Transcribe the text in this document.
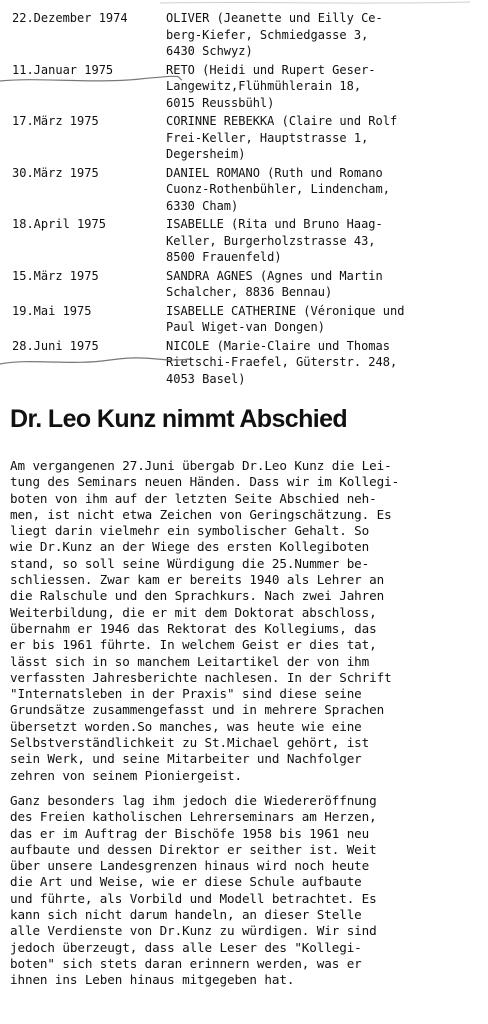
22.Dezember 1974	OLIVER (Jeanette und Eilly Ce-
berg-Kiefer, Schmiedgasse 3,
6430 Schwyz)
11.Januar 1975	RETO (Heidi und Rupert Geser-
Langewitz,Flühmühlerain 18,
6015 Reussbühl)
17.März 1975	CORINNE REBEKKA (Claire und Rolf
Frei-Keller, Hauptstrasse 1,
Degersheim)
30.März 1975	DANIEL ROMANO (Ruth und Romano
Cuonz-Rothenbühler, Lindencham,
6330 Cham)
18.April 1975	ISABELLE (Rita und Bruno Haag-
Keller, Burgerholzstrasse 43,
8500 Frauenfeld)
15.März 1975	SANDRA AGNES (Agnes und Martin
Schalcher, 8836 Bennau)
19.Mai 1975	ISABELLE CATHERINE (Véronique und
Paul Wiget-van Dongen)
28.Juni 1975	NICOLE (Marie-Claire und Thomas
Rietschi-Fraefel, Güterstr. 248,
4053 Basel)
Dr. Leo Kunz nimmt Abschied

Am vergangenen 27.Juni übergab Dr.Leo Kunz die Lei-
tung des Seminars neuen Händen. Dass wir im Kollegi-
boten von ihm auf der letzten Seite Abschied neh-
men, ist nicht etwa Zeichen von Geringschätzung. Es
liegt darin vielmehr ein symbolischer Gehalt. So
wie Dr.Kunz an der Wiege des ersten Kollegiboten
stand, so soll seine Würdigung die 25.Nummer be-
schliessen. Zwar kam er bereits 1940 als Lehrer an
die Ralschule und den Sprachkurs. Nach zwei Jahren
Weiterbildung, die er mit dem Doktorat abschloss,
übernahm er 1946 das Rektorat des Kollegiums, das
er bis 1961 führte. In welchem Geist er dies tat,
lässt sich in so manchem Leitartikel der von ihm
verfassten Jahresberichte nachlesen. In der Schrift
"Internatsleben in der Praxis" sind diese seine
Grundsätze zusammengefasst und in mehrere Sprachen
übersetzt worden.So manches, was heute wie eine
Selbstverständlichkeit zu St.Michael gehört, ist
sein Werk, und seine Mitarbeiter und Nachfolger
zehren von seinem Pioniergeist.

Ganz besonders lag ihm jedoch die Wiedereröffnung
des Freien katholischen Lehrerseminars am Herzen,
das er im Auftrag der Bischöfe 1958 bis 1961 neu
aufbaute und dessen Direktor er seither ist. Weit
über unsere Landesgrenzen hinaus wird noch heute
die Art und Weise, wie er diese Schule aufbaute
und führte, als Vorbild und Modell betrachtet. Es
kann sich nicht darum handeln, an dieser Stelle
alle Verdienste von Dr.Kunz zu würdigen. Wir sind
jedoch überzeugt, dass alle Leser des "Kollegi-
boten" sich stets daran erinnern werden, was er
ihnen ins Leben hinaus mitgegeben hat.
